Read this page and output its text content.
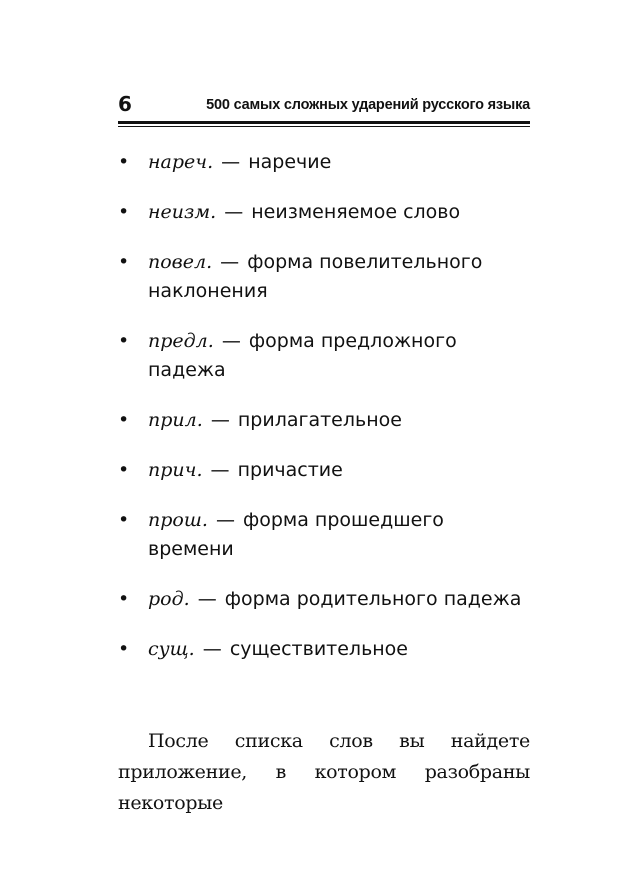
6	500 самых сложных ударений русского языка
• нареч. — наречие
• неизм. — неизменяемое слово
• повел. — форма повелительного наклонения
• предл. — форма предложного падежа
• прил. — прилагательное
• прич. — причастие
• прош. — форма прошедшего времени
• род. — форма родительного падежа
• сущ. — существительное

После списка слов вы найдете приложение, в котором разобраны некоторые
